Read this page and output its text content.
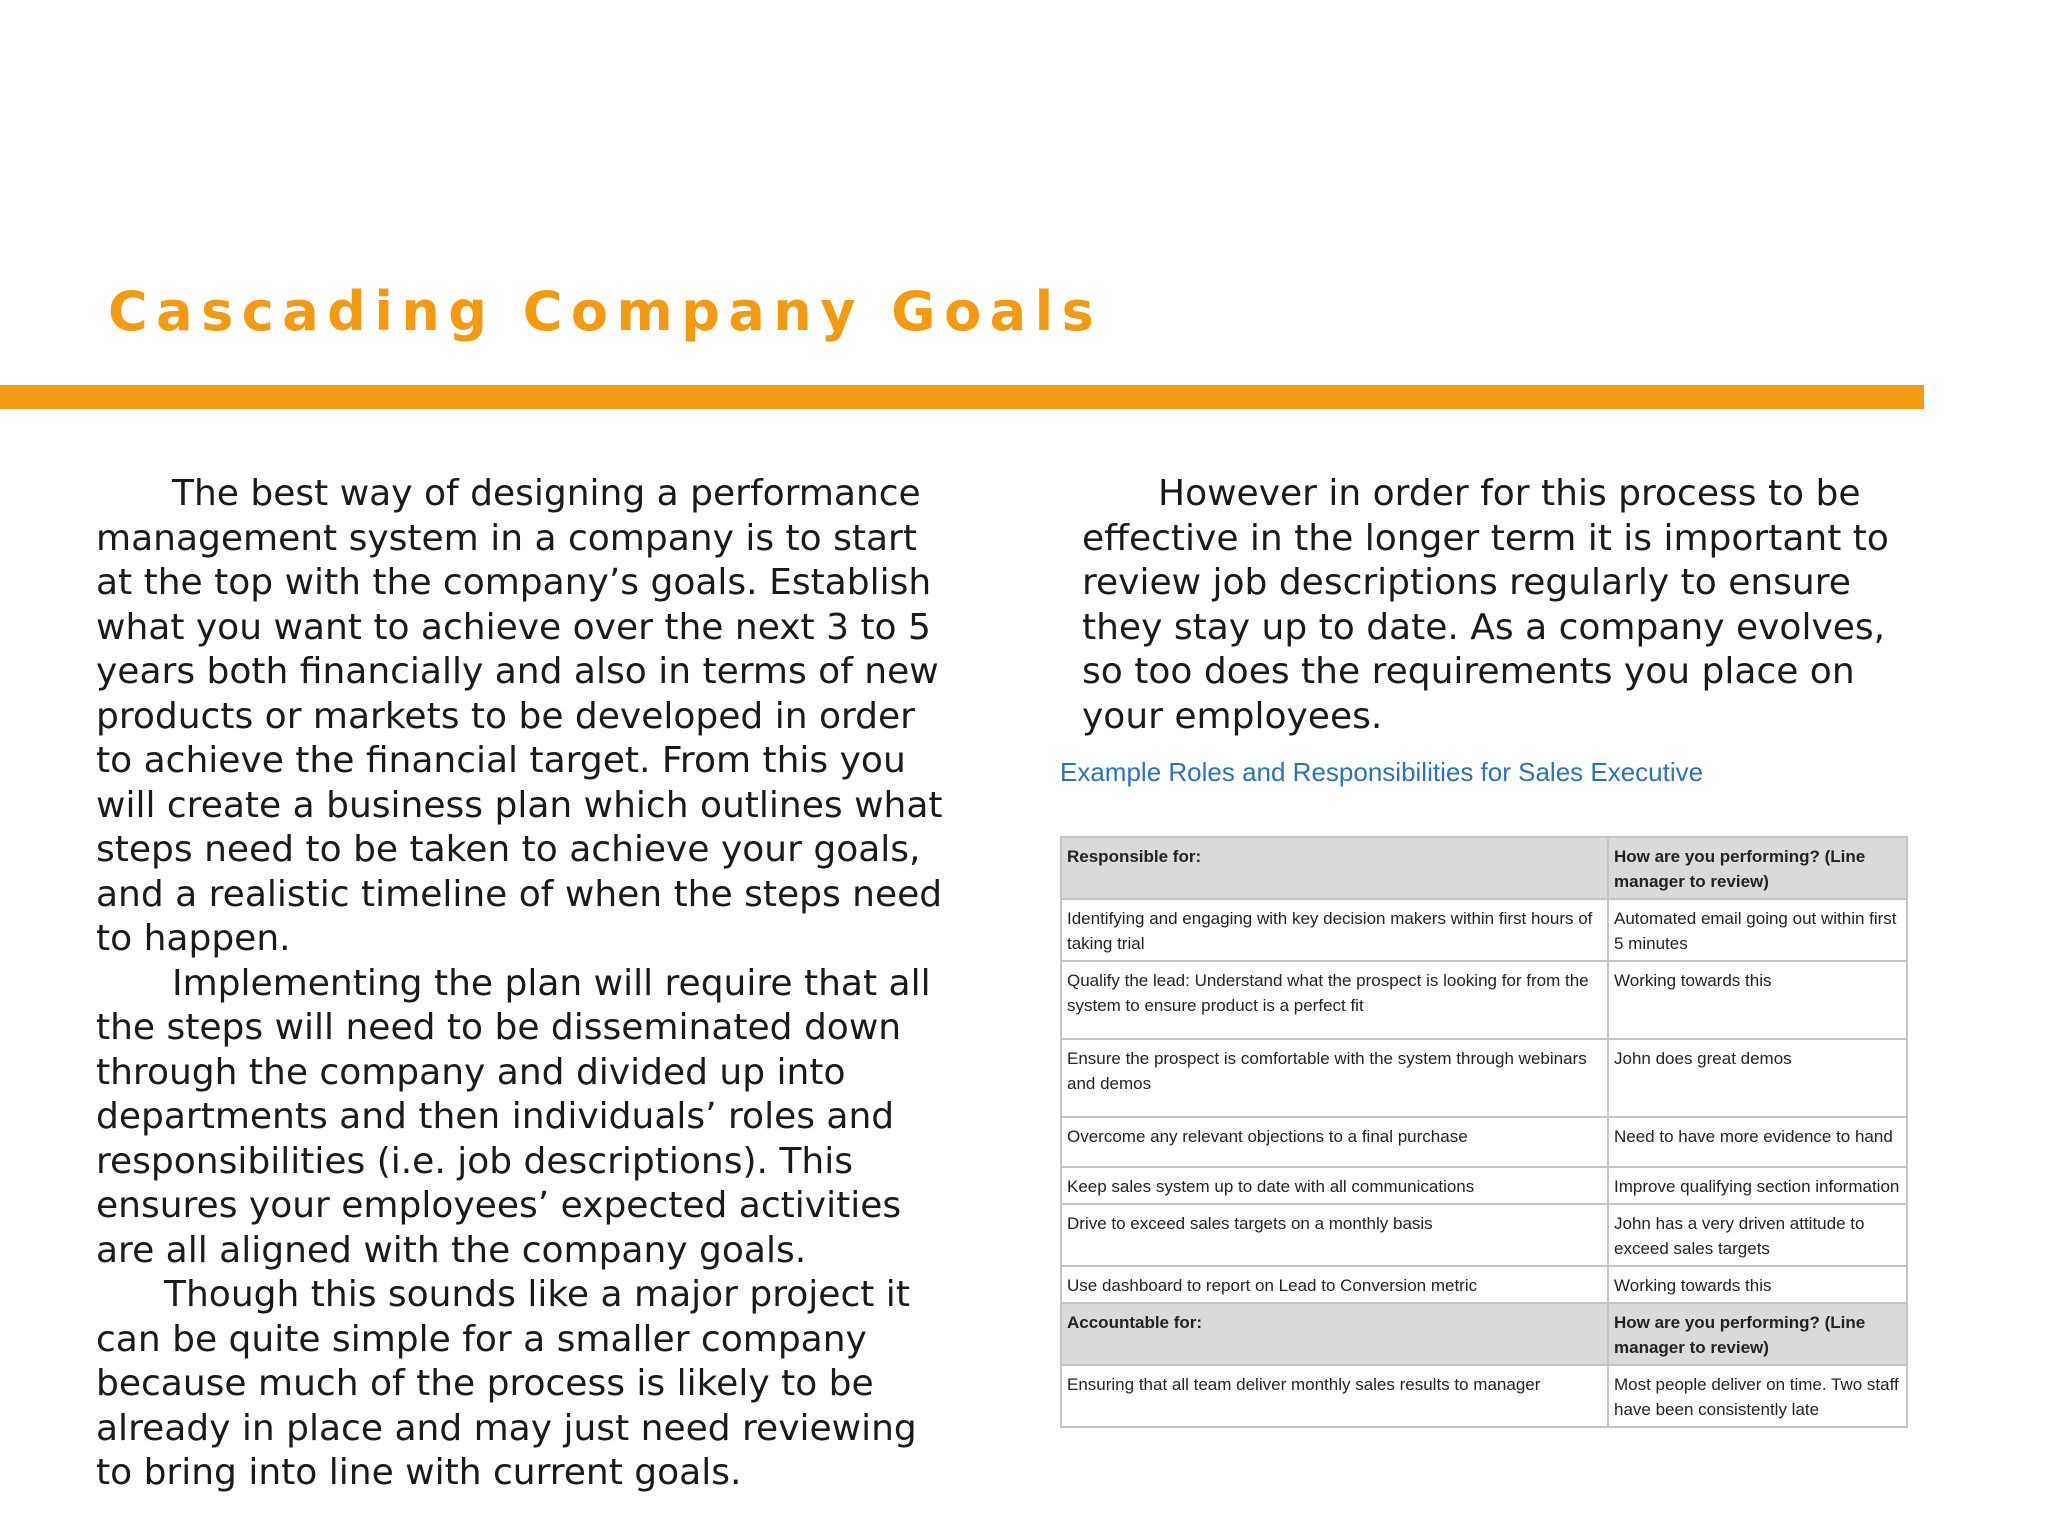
Cascading Company Goals

The best way of designing a performance management system in a company is to start at the top with the company’s goals. Establish what you want to achieve over the next 3 to 5 years both financially and also in terms of new products or markets to be developed in order to achieve the financial target. From this you will create a business plan which outlines what steps need to be taken to achieve your goals, and a realistic timeline of when the steps need to happen.

Implementing the plan will require that all the steps will need to be disseminated down through the company and divided up into departments and then individuals’ roles and responsibilities (i.e. job descriptions). This ensures your employees’ expected activities are all aligned with the company goals.

Though this sounds like a major project it can be quite simple for a smaller company because much of the process is likely to be already in place and may just need reviewing to bring into line with current goals.

However in order for this process to be effective in the longer term it is important to review job descriptions regularly to ensure they stay up to date. As a company evolves, so too does the requirements you place on your employees.

Example Roles and Responsibilities for Sales Executive
Responsible for:	How are you performing? (Line manager to review)
Identifying and engaging with key decision makers within first hours of taking trial	Automated email going out within first 5 minutes
Qualify the lead: Understand what the prospect is looking for from the system to ensure product is a perfect fit	Working towards this
Ensure the prospect is comfortable with the system through webinars and demos	John does great demos
Overcome any relevant objections to a final purchase	Need to have more evidence to hand
Keep sales system up to date with all communications	Improve qualifying section information
Drive to exceed sales targets on a monthly basis	John has a very driven attitude to exceed sales targets
Use dashboard to report on Lead to Conversion metric	Working towards this
Accountable for:	How are you performing? (Line manager to review)
Ensuring that all team deliver monthly sales results to manager	Most people deliver on time. Two staff have been consistently late
